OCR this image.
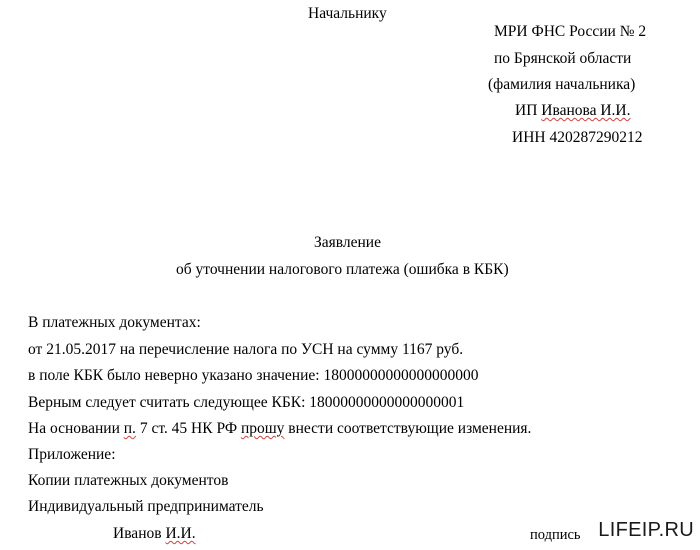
Начальнику
МРИ ФНС России № 2
по Брянской области
(фамилия начальника)
ИП Иванова И.И.
ИНН 420287290212
Заявление
об уточнении налогового платежа (ошибка в КБК)
В платежных документах:
от 21.05.2017 на перечисление налога по УСН на сумму 1167 руб.
в поле КБК было неверно указано значение: 18000000000000000000
Верным следует считать следующее КБК: 18000000000000000001
На основании п. 7 ст. 45 НК РФ прошу внести соответствующие изменения.
Приложение:
Копии платежных документов
Индивидуальный предприниматель
Иванов И.И.	подпись LIFEIP.RU
